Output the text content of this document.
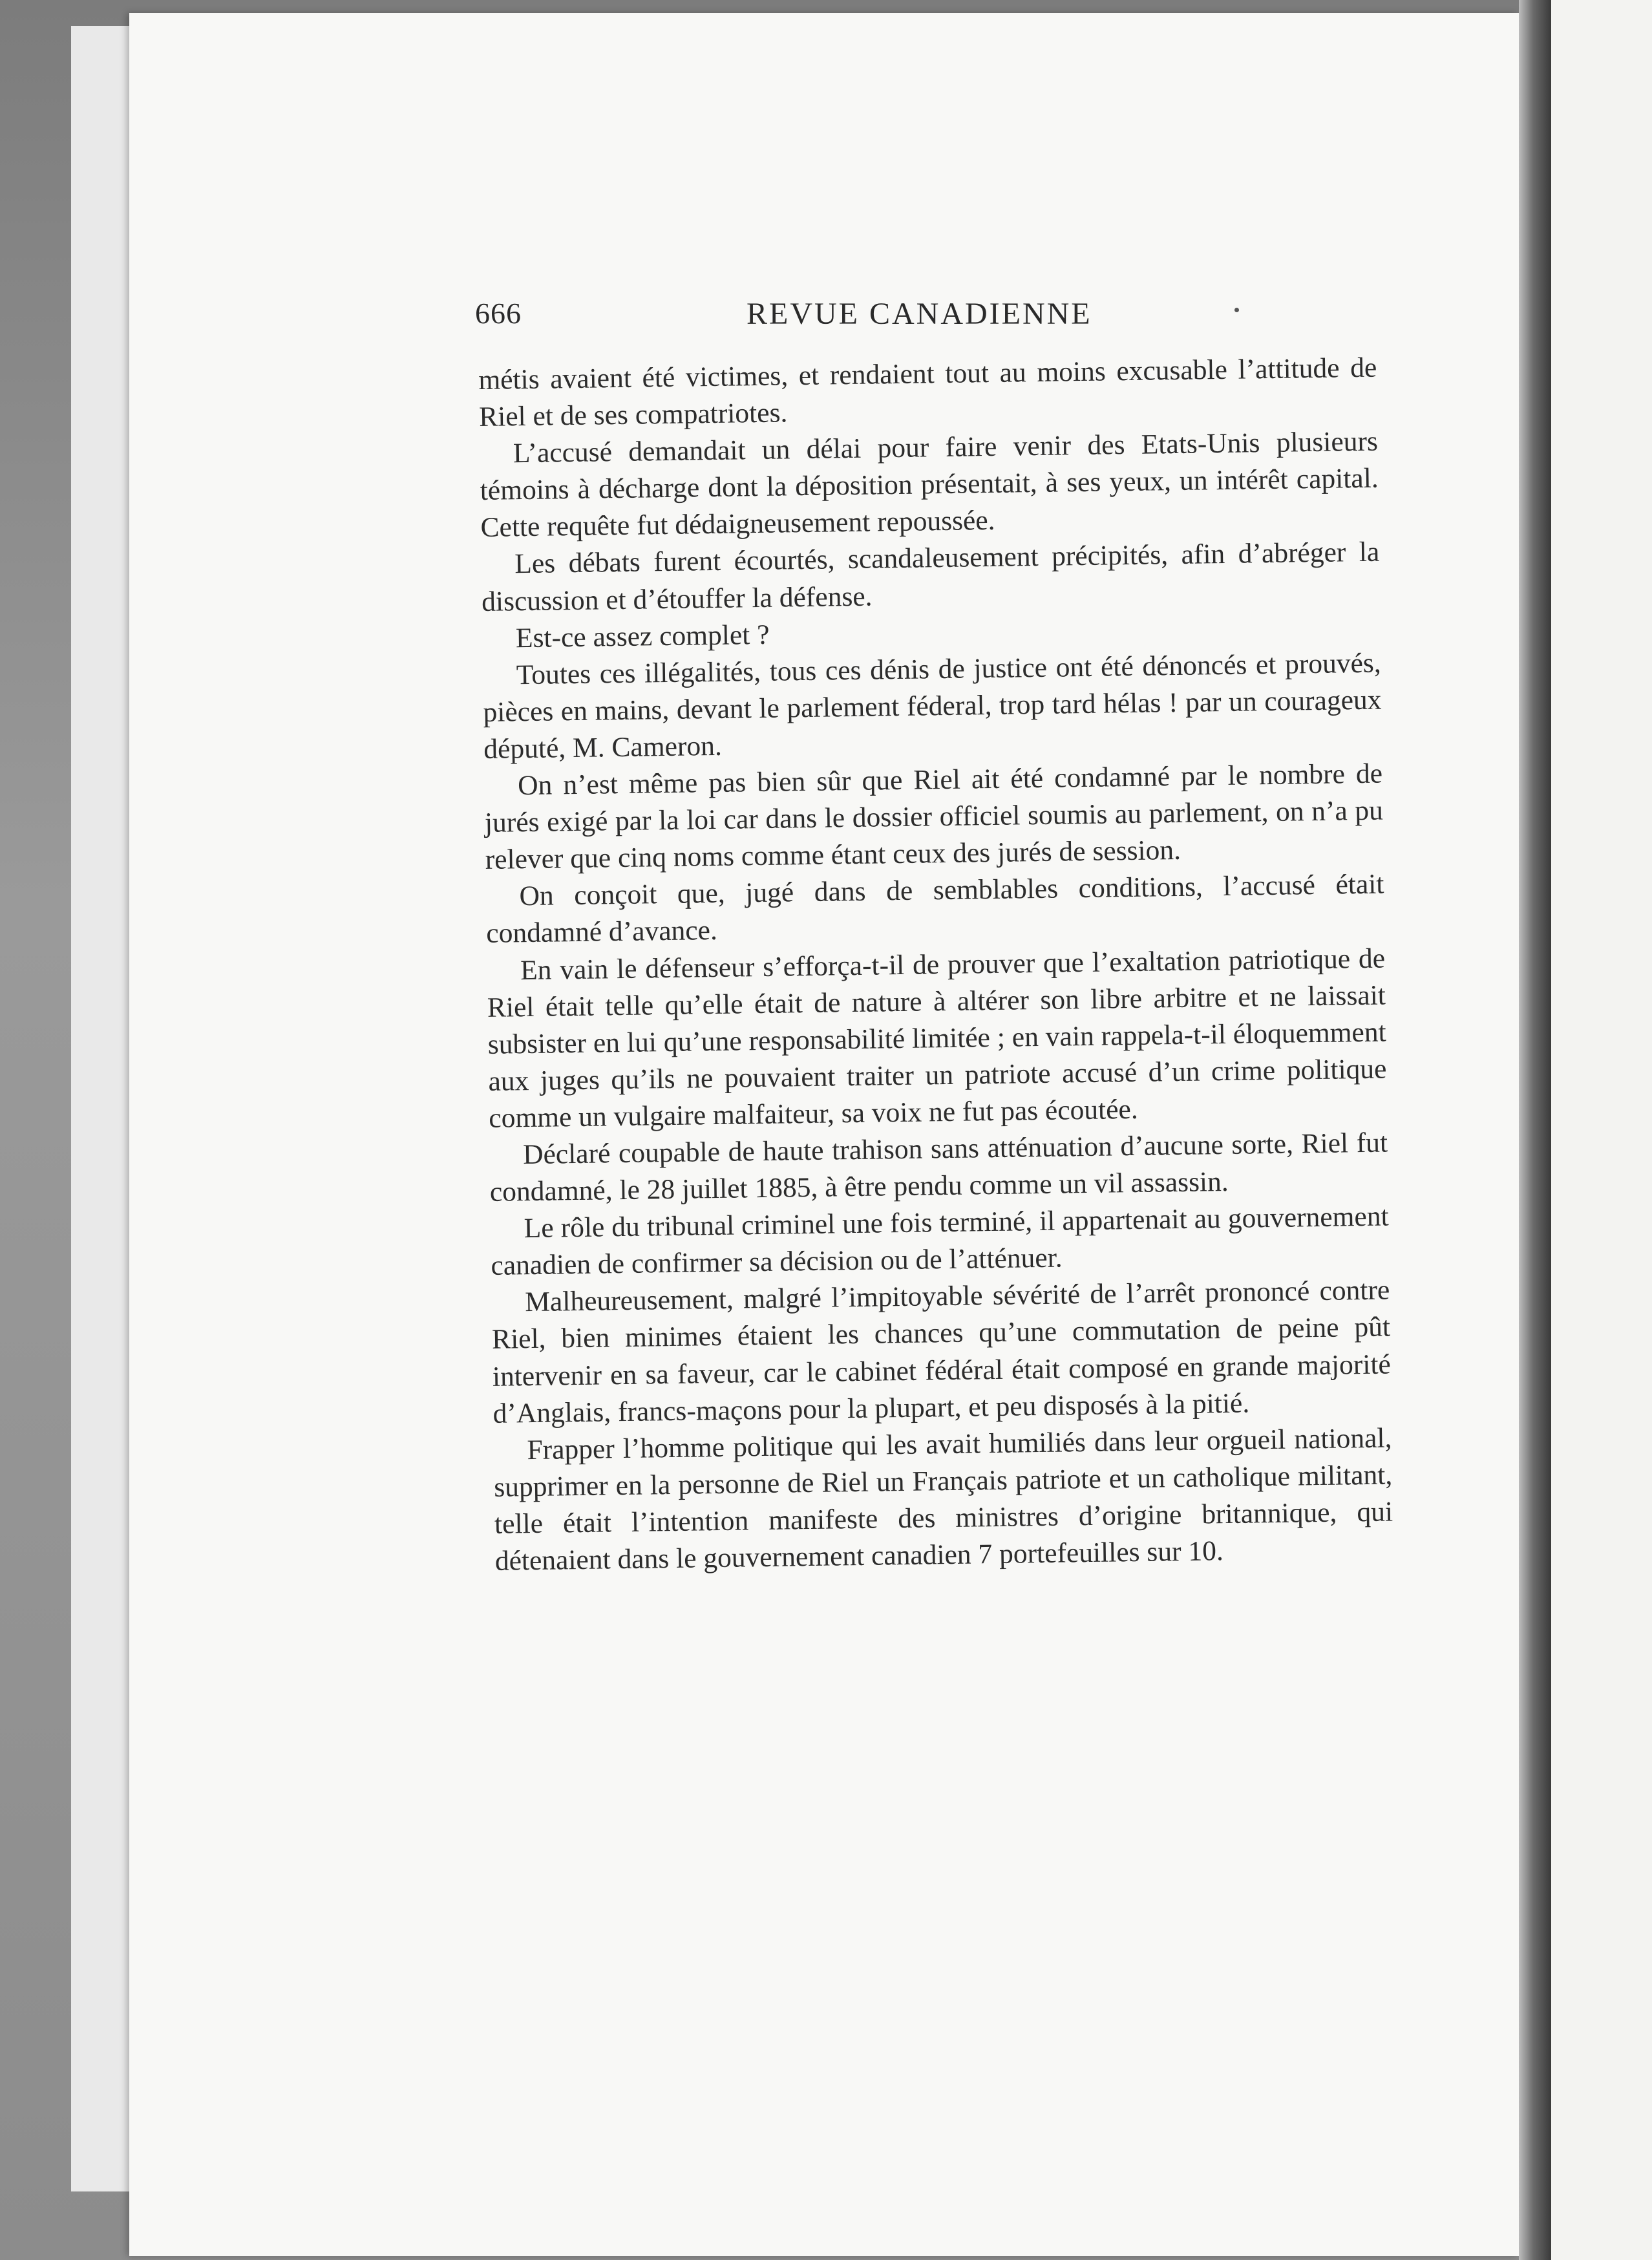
666	REVUE CANADIENNE

métis avaient été victimes, et rendaient tout au moins excusable l’attitude de Riel et de ses compatriotes.

L’accusé demandait un délai pour faire venir des Etats-Unis plusieurs témoins à décharge dont la déposition présentait, à ses yeux, un intérêt capital. Cette requête fut dédaigneusement repoussée.

Les débats furent écourtés, scandaleusement précipités, afin d’abréger la discussion et d’étouffer la défense.

Est-ce assez complet ?

Toutes ces illégalités, tous ces dénis de justice ont été dénoncés et prouvés, pièces en mains, devant le parlement féderal, trop tard hélas ! par un courageux député, M. Cameron.

On n’est même pas bien sûr que Riel ait été condamné par le nombre de jurés exigé par la loi car dans le dossier officiel soumis au parlement, on n’a pu relever que cinq noms comme étant ceux des jurés de session.

On conçoit que, jugé dans de semblables conditions, l’accusé était condamné d’avance.

En vain le défenseur s’efforça-t-il de prouver que l’exaltation patriotique de Riel était telle qu’elle était de nature à altérer son libre arbitre et ne laissait subsister en lui qu’une responsabilité limitée ; en vain rappela-t-il éloquemment aux juges qu’ils ne pouvaient traiter un patriote accusé d’un crime politique comme un vulgaire malfaiteur, sa voix ne fut pas écoutée.

Déclaré coupable de haute trahison sans atténuation d’aucune sorte, Riel fut condamné, le 28 juillet 1885, à être pendu comme un vil assassin.

Le rôle du tribunal criminel une fois terminé, il appartenait au gouvernement canadien de confirmer sa décision ou de l’atténuer.

Malheureusement, malgré l’impitoyable sévérité de l’arrêt prononcé contre Riel, bien minimes étaient les chances qu’une commutation de peine pût intervenir en sa faveur, car le cabinet fédéral était composé en grande majorité d’Anglais, francs-maçons pour la plupart, et peu disposés à la pitié.

Frapper l’homme politique qui les avait humiliés dans leur orgueil national, supprimer en la personne de Riel un Français patriote et un catholique militant, telle était l’intention manifeste des ministres d’origine britannique, qui détenaient dans le gouvernement canadien 7 portefeuilles sur 10.
